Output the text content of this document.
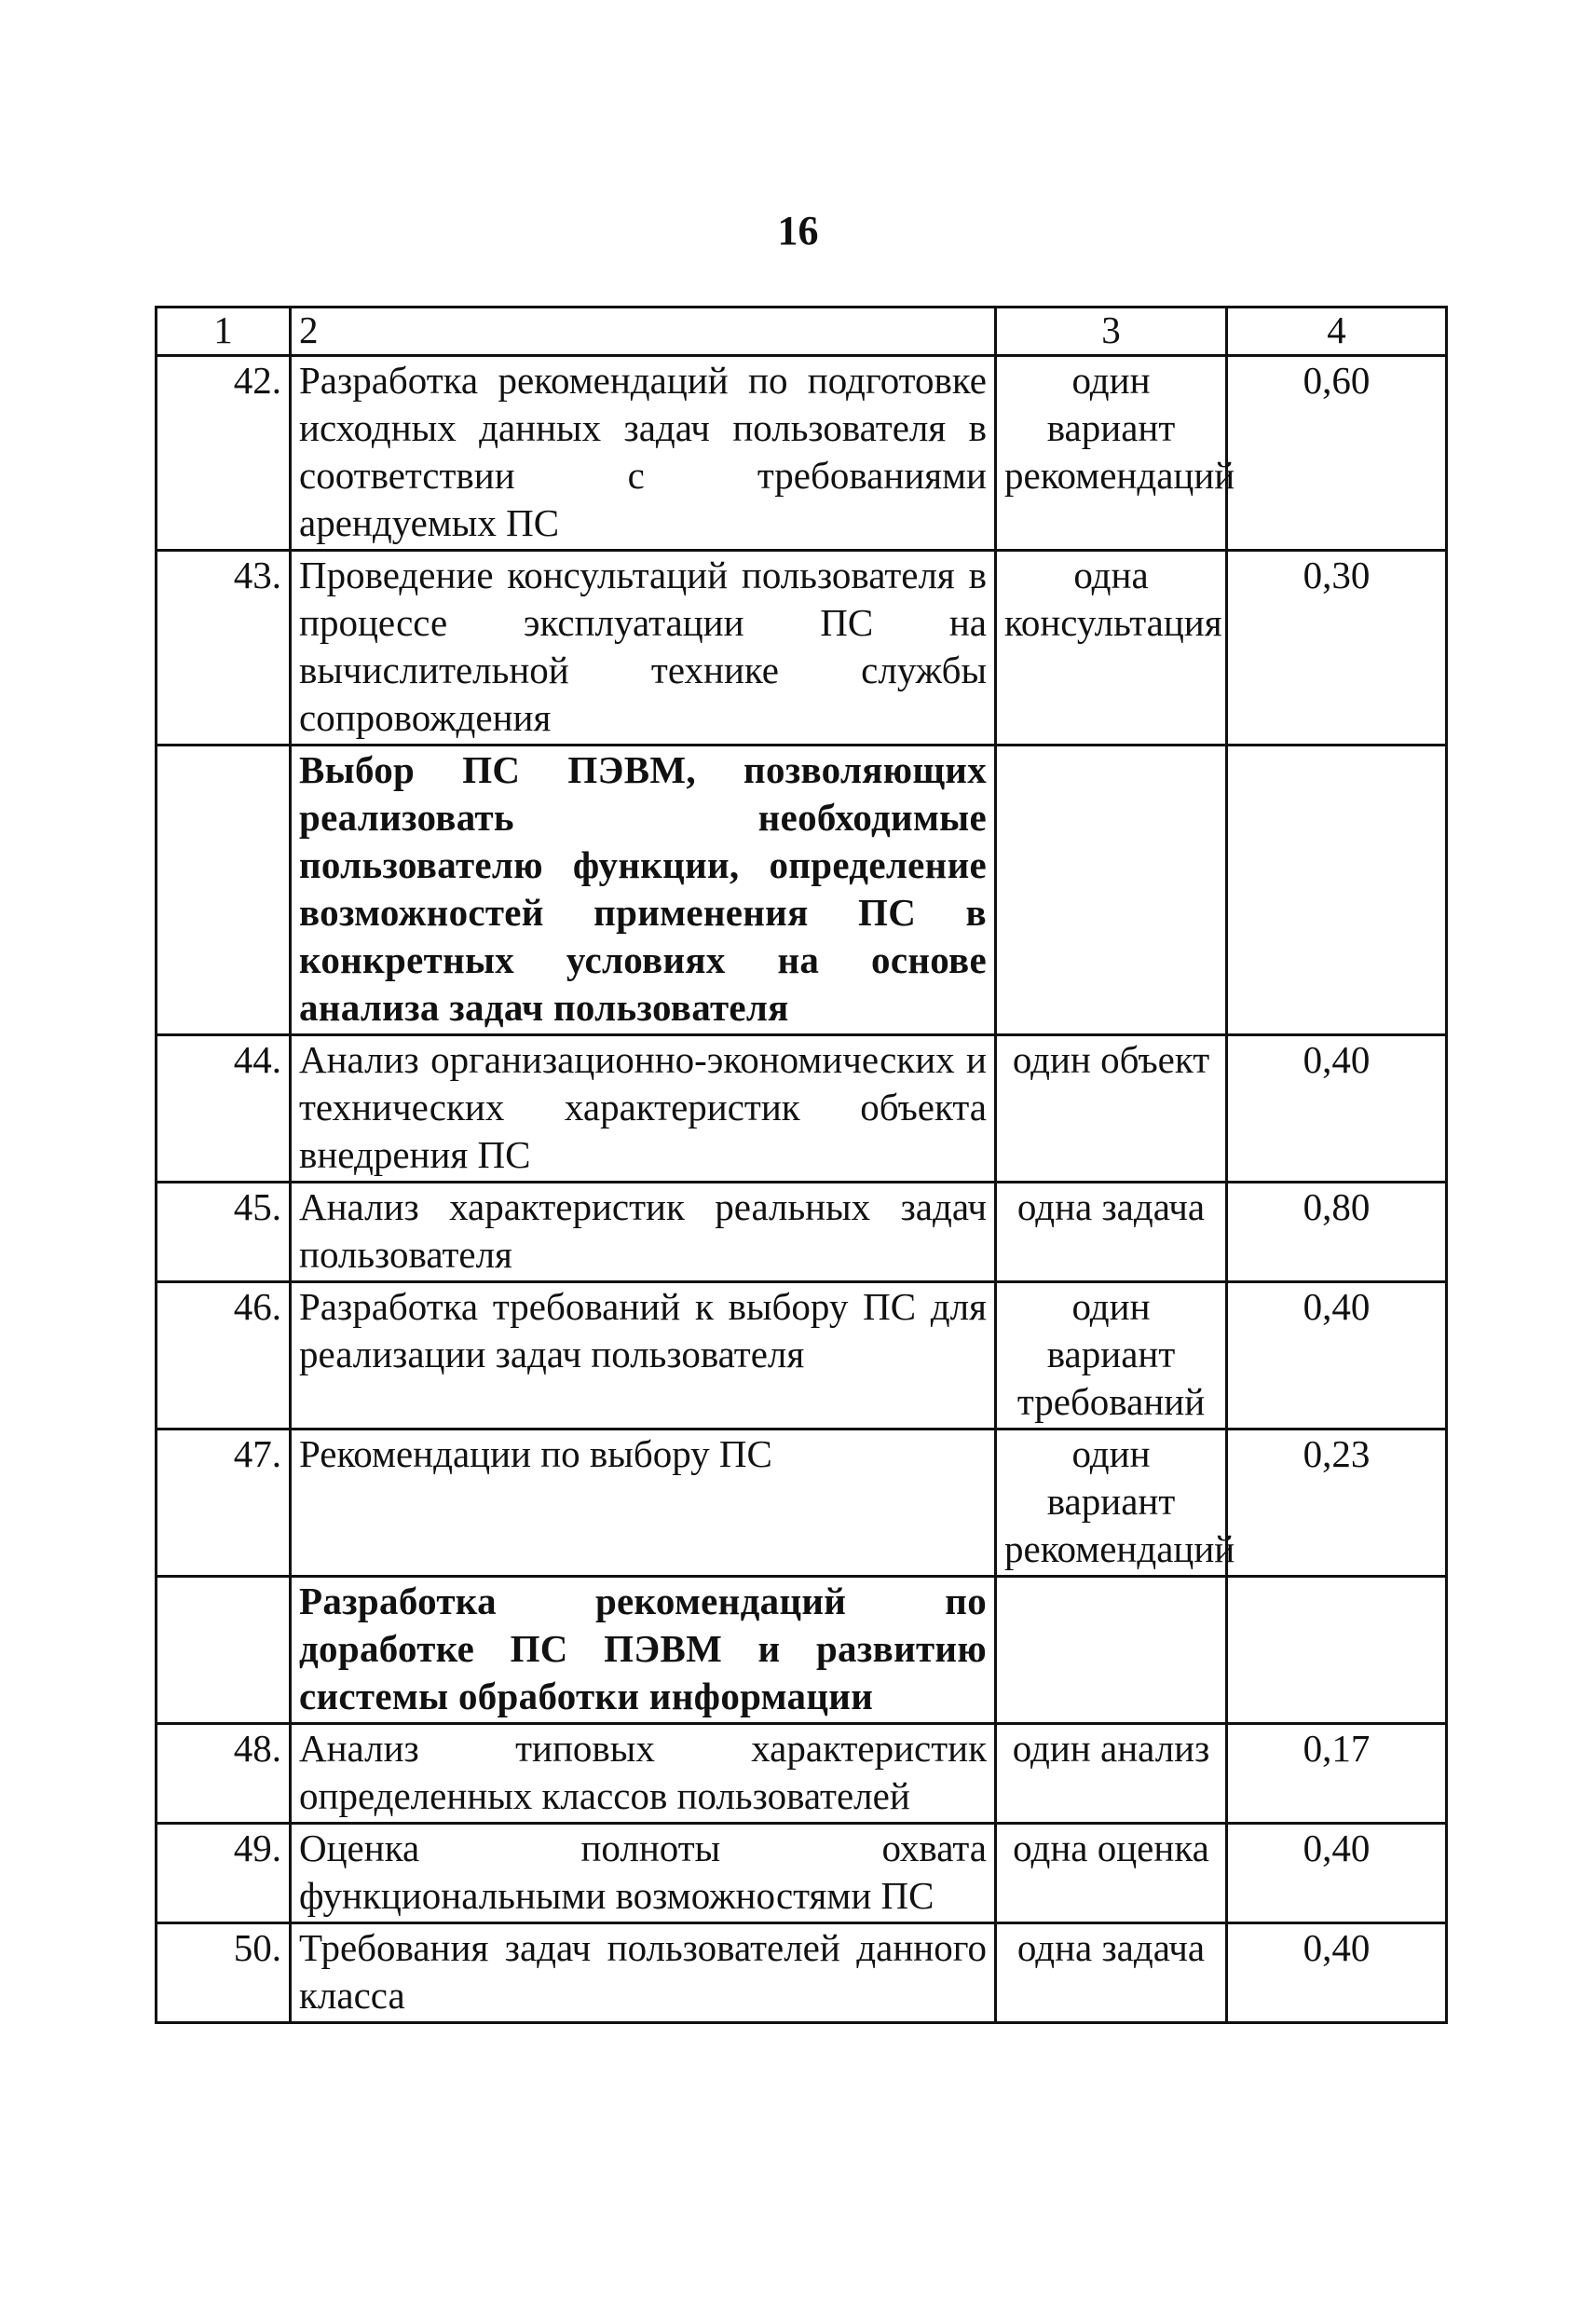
16
1	2	3	4
42.	Разработка рекомендаций по подготовке исходных данных задач пользователя в соответствии с требованиями арендуемых ПС	один вариант рекомендаций	0,60
43.	Проведение консультаций пользователя в процессе эксплуатации ПС на вычислительной технике службы сопровождения	одна консультация	0,30
	Выбор ПС ПЭВМ, позволяющих реализовать необходимые пользователю функции, определение возможностей применения ПС в конкретных условиях на основе анализа задач пользователя		
44.	Анализ организационно-экономических и технических характеристик объекта внедрения ПС	один объект	0,40
45.	Анализ характеристик реальных задач пользователя	одна задача	0,80
46.	Разработка требований к выбору ПС для реализации задач пользователя	один вариант требований	0,40
47.	Рекомендации по выбору ПС	один вариант рекомендаций	0,23
	Разработка рекомендаций по доработке ПС ПЭВМ и развитию системы обработки информации		
48.	Анализ типовых характеристик определенных классов пользователей	один анализ	0,17
49.	Оценка полноты охвата функциональными возможностями ПС	одна оценка	0,40
50.	Требования задач пользователей данного класса	одна задача	0,40
